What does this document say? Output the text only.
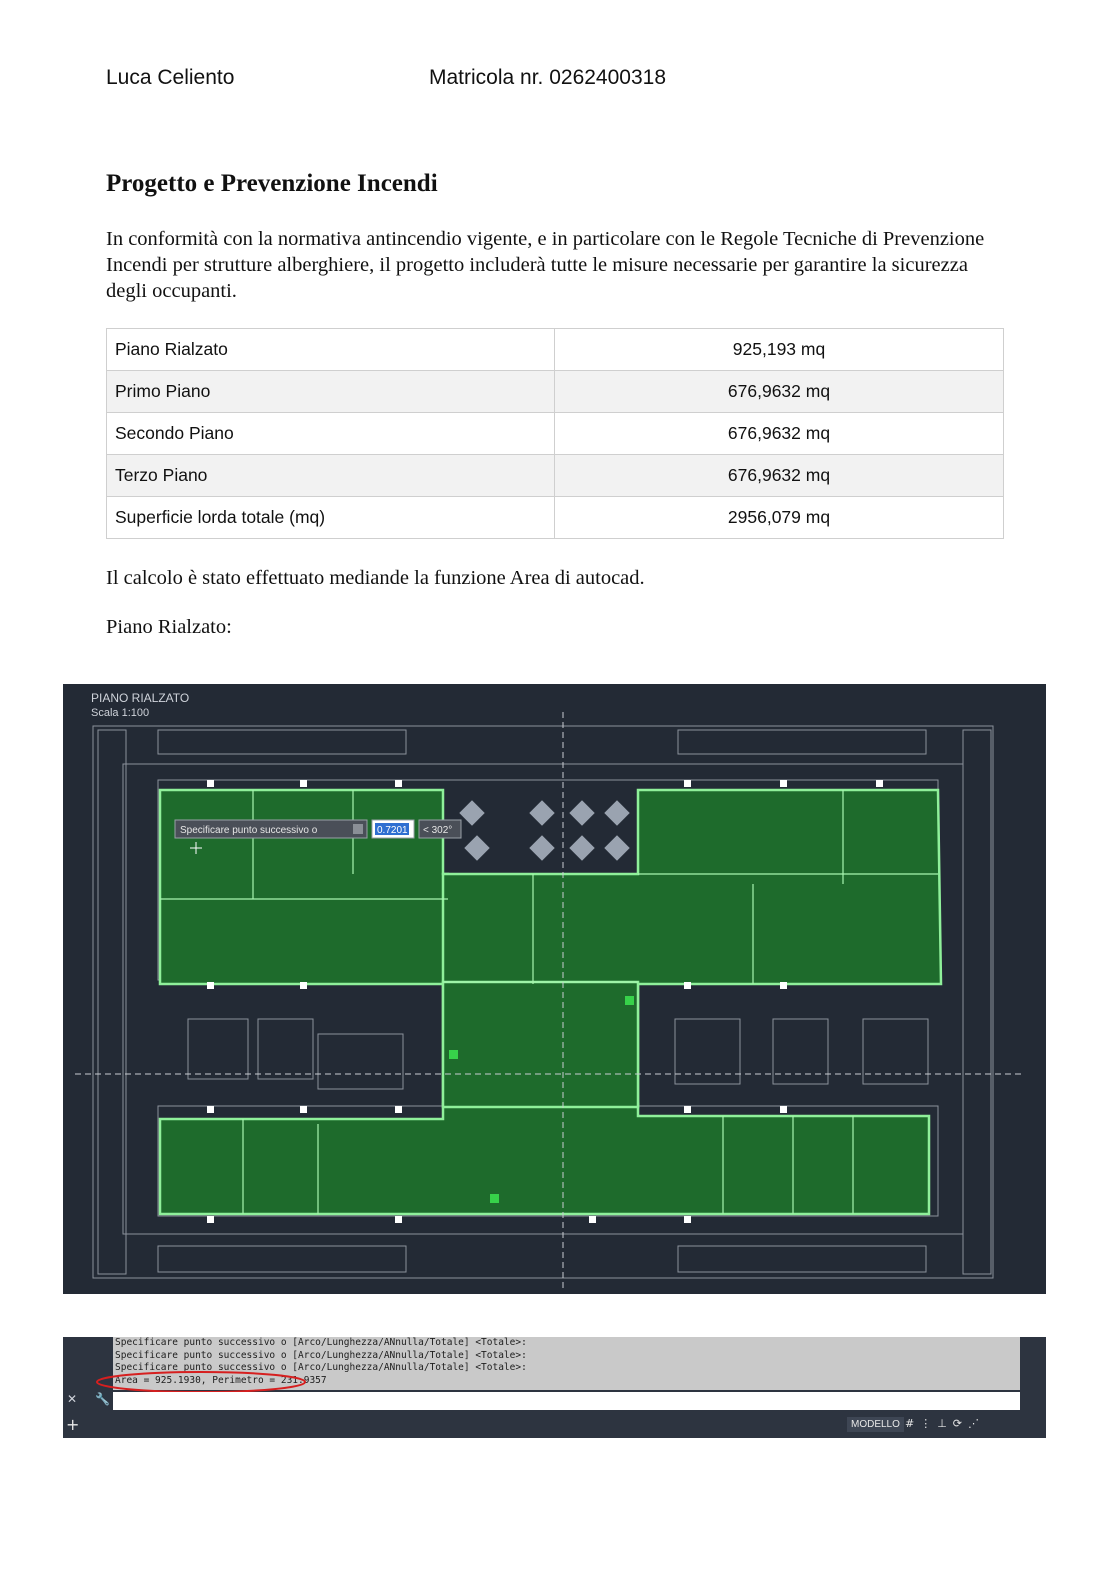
Luca Celiento	Matricola nr. 0262400318
Progetto e Prevenzione Incendi
In conformità con la normativa antincendio vigente, e in particolare con le Regole Tecniche di Prevenzione Incendi per strutture alberghiere, il progetto includerà tutte le misure necessarie per garantire la sicurezza degli occupanti.
Piano Rialzato	925,193 mq
Primo Piano	676,9632 mq
Secondo Piano	676,9632 mq
Terzo Piano	676,9632 mq
Superficie lorda totale (mq)	2956,079 mq
Il calcolo è stato effettuato mediande la funzione Area di autocad.
Piano Rialzato:
PIANO RIALZATO
Scala 1:100
Specificare punto successivo o	0.7201 < 302°
Specificare punto successivo o [Arco/Lunghezza/ANnulla/Totale] <Totale>:
Specificare punto successivo o [Arco/Lunghezza/ANnulla/Totale] <Totale>:
Specificare punto successivo o [Arco/Lunghezza/ANnulla/Totale] <Totale>:
Area = 925.1930, Perimetro = 231.9357
✕ 🔧
+	MODELLO #⋮⊥⟳⋰
